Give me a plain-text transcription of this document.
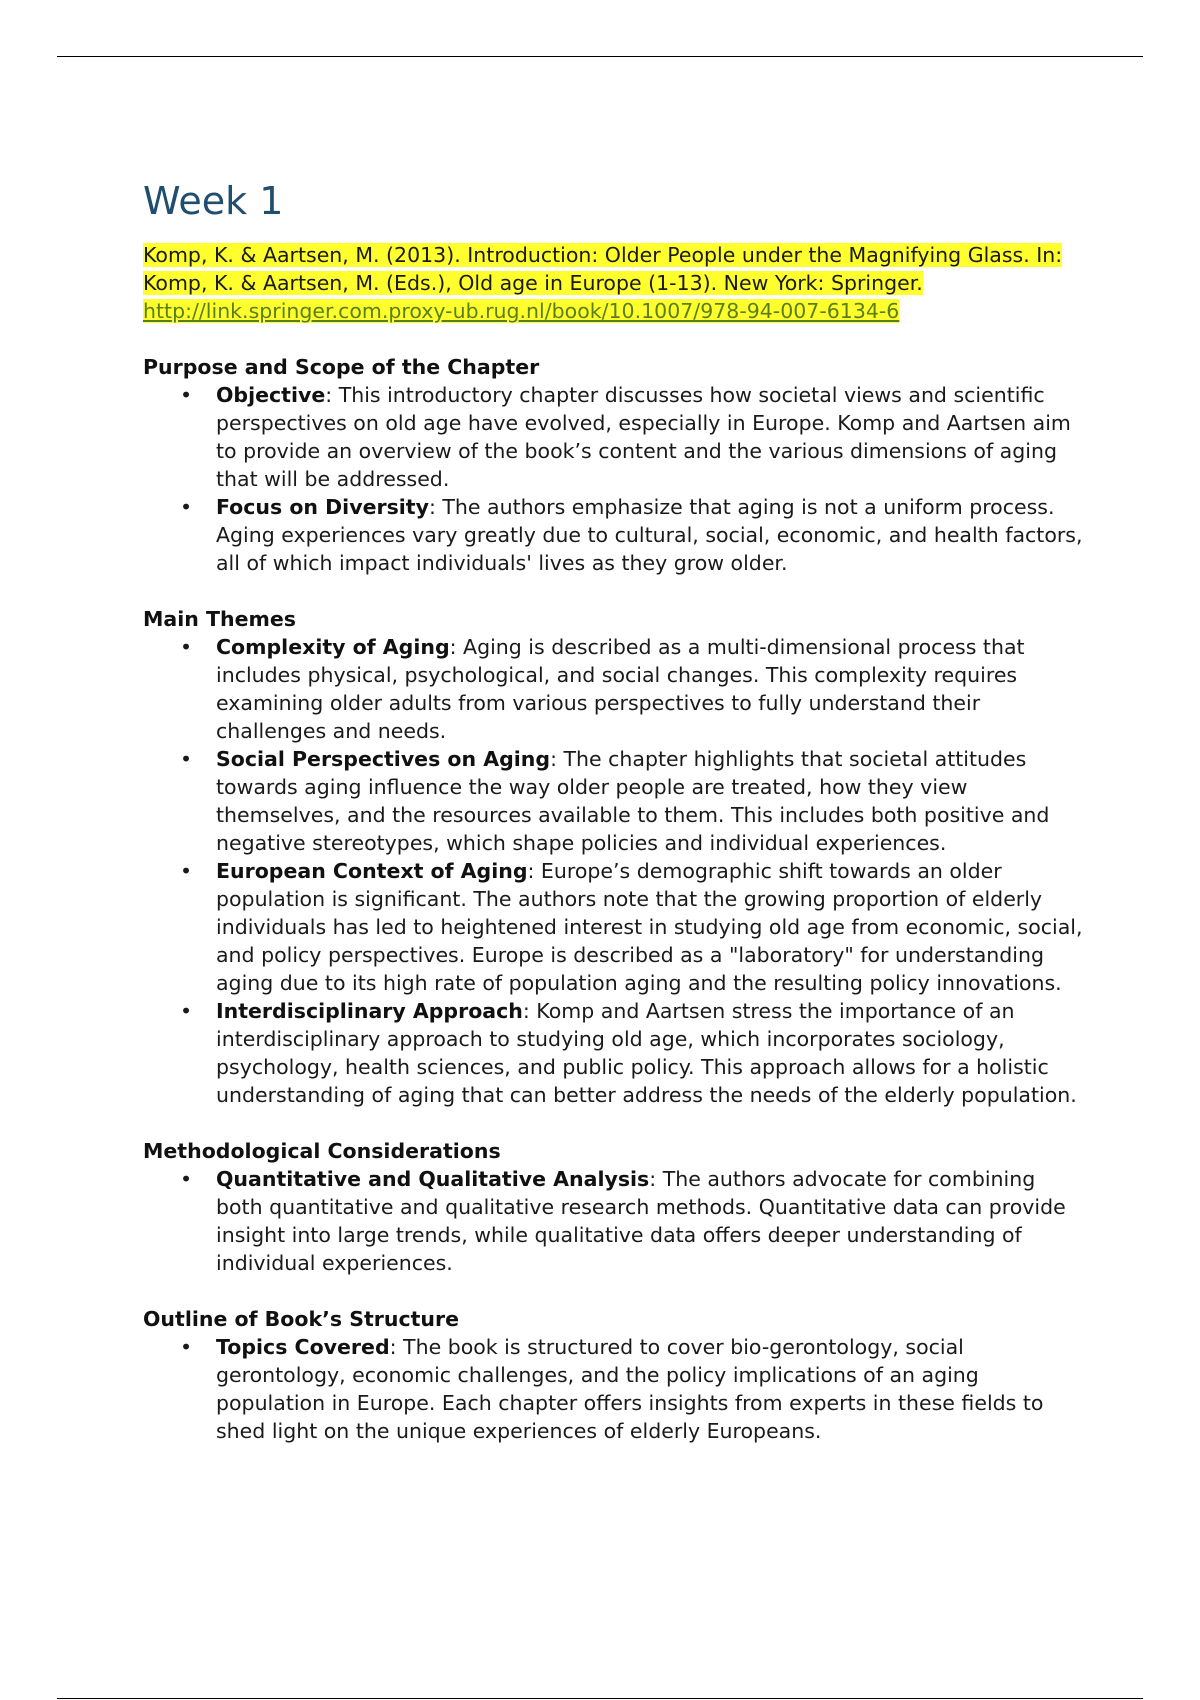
Week 1

Komp, K. & Aartsen, M. (2013). Introduction: Older People under the Magnifying Glass. In: Komp, K. & Aartsen, M. (Eds.), Old age in Europe (1-13). New York: Springer.
http://link.springer.com.proxy-ub.rug.nl/book/10.1007/978-94-007-6134-6

Purpose and Scope of the Chapter

• Objective: This introductory chapter discusses how societal views and scientific perspectives on old age have evolved, especially in Europe. Komp and Aartsen aim to provide an overview of the book’s content and the various dimensions of aging that will be addressed.
• Focus on Diversity: The authors emphasize that aging is not a uniform process. Aging experiences vary greatly due to cultural, social, economic, and health factors, all of which impact individuals' lives as they grow older.

Main Themes

• Complexity of Aging: Aging is described as a multi-dimensional process that includes physical, psychological, and social changes. This complexity requires examining older adults from various perspectives to fully understand their challenges and needs.
• Social Perspectives on Aging: The chapter highlights that societal attitudes towards aging influence the way older people are treated, how they view themselves, and the resources available to them. This includes both positive and negative stereotypes, which shape policies and individual experiences.
• European Context of Aging: Europe’s demographic shift towards an older population is significant. The authors note that the growing proportion of elderly individuals has led to heightened interest in studying old age from economic, social, and policy perspectives. Europe is described as a "laboratory" for understanding aging due to its high rate of population aging and the resulting policy innovations.
• Interdisciplinary Approach: Komp and Aartsen stress the importance of an interdisciplinary approach to studying old age, which incorporates sociology, psychology, health sciences, and public policy. This approach allows for a holistic understanding of aging that can better address the needs of the elderly population.

Methodological Considerations

• Quantitative and Qualitative Analysis: The authors advocate for combining both quantitative and qualitative research methods. Quantitative data can provide insight into large trends, while qualitative data offers deeper understanding of individual experiences.

Outline of Book’s Structure

• Topics Covered: The book is structured to cover bio-gerontology, social gerontology, economic challenges, and the policy implications of an aging population in Europe. Each chapter offers insights from experts in these fields to shed light on the unique experiences of elderly Europeans.
